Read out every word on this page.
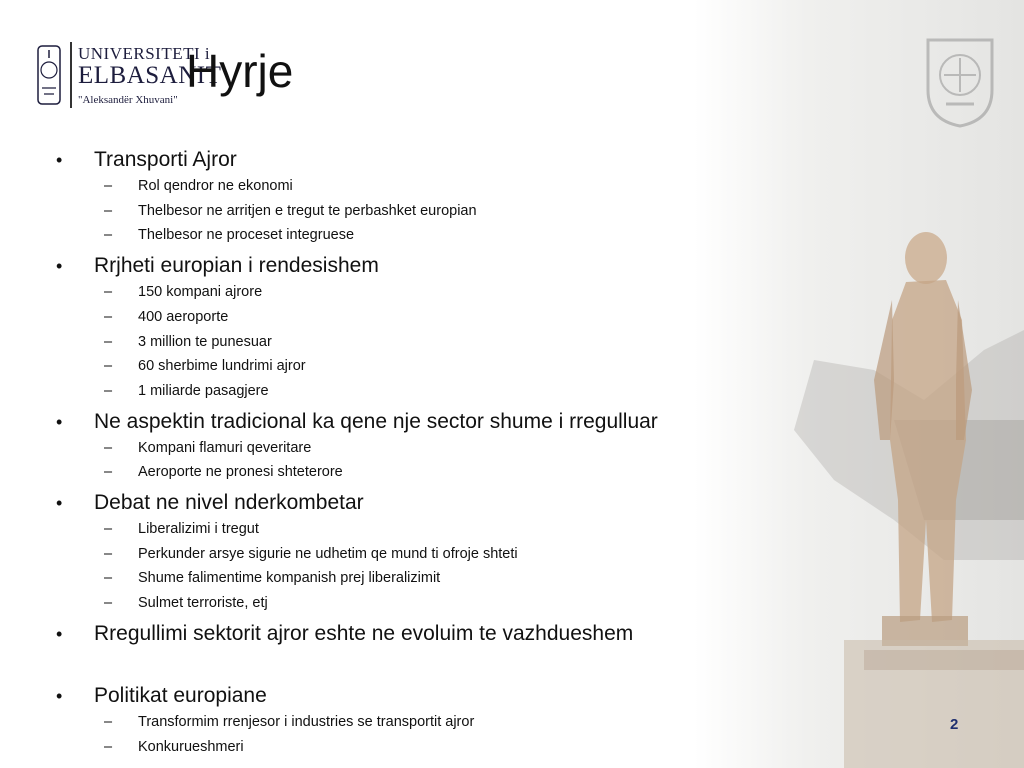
UNIVERSITETI i
ELBASANIT
"Aleksandër Xhuvani"
Hyrje
• Transporti Ajror
– Rol qendror ne ekonomi
– Thelbesor ne arritjen e tregut te perbashket europian
– Thelbesor ne proceset integruese
• Rrjheti europian i rendesishem
– 150 kompani ajrore
– 400 aeroporte
– 3 million te punesuar
– 60 sherbime lundrimi ajror
– 1 miliarde pasagjere
• Ne aspektin tradicional ka qene nje sector shume i rregulluar
– Kompani flamuri qeveritare
– Aeroporte ne pronesi shteterore
• Debat ne nivel nderkombetar
– Liberalizimi i tregut
– Perkunder arsye sigurie ne udhetim qe mund ti ofroje shteti
– Shume falimentime kompanish prej liberalizimit
– Sulmet terroriste, etj
• Rregullimi sektorit ajror eshte ne evoluim te vazhdueshem
• Politikat europiane
– Transformim rrenjesor i industries se transportit ajror
– Konkurueshmeri
2
